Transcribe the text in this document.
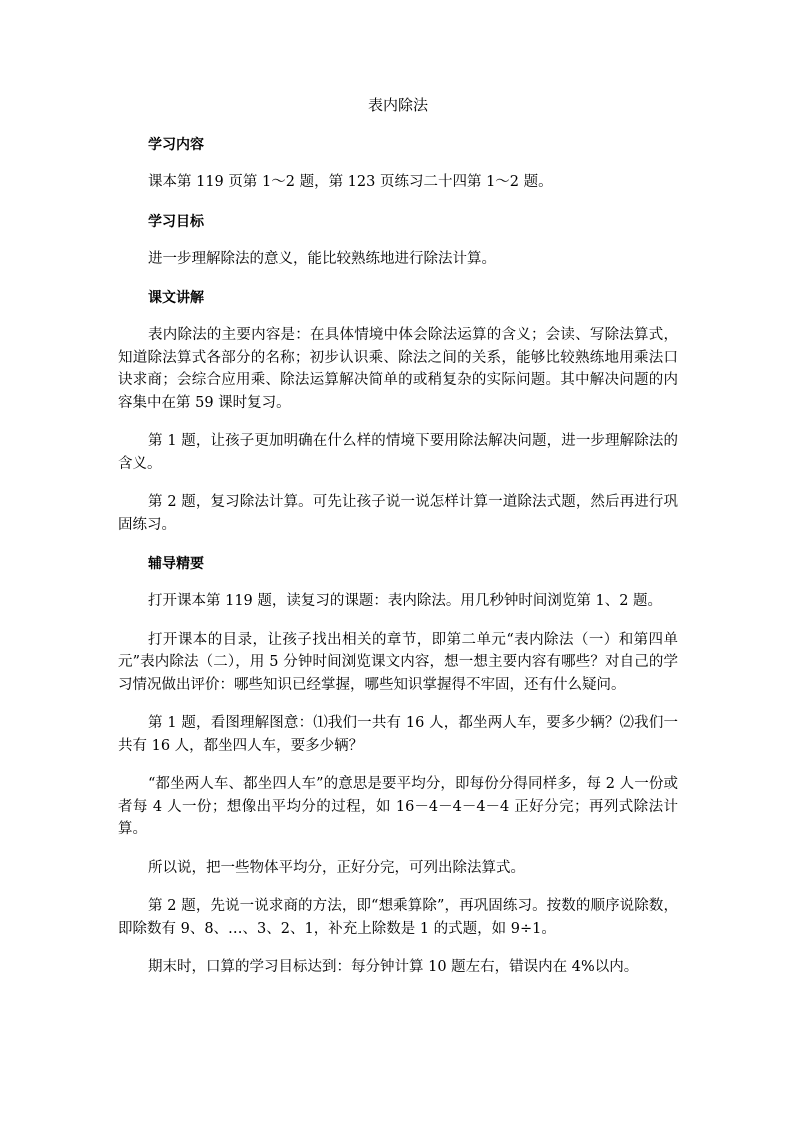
表内除法
学习内容

课本第 119 页第 1～2 题，第 123 页练习二十四第 1～2 题。

学习目标

进一步理解除法的意义，能比较熟练地进行除法计算。

课文讲解

表内除法的主要内容是：在具体情境中体会除法运算的含义；会读、写除法算式，知道除法算式各部分的名称；初步认识乘、除法之间的关系，能够比较熟练地用乘法口诀求商；会综合应用乘、除法运算解决简单的或稍复杂的实际问题。其中解决问题的内容集中在第 59 课时复习。

第 1 题，让孩子更加明确在什么样的情境下要用除法解决问题，进一步理解除法的含义。

第 2 题，复习除法计算。可先让孩子说一说怎样计算一道除法式题，然后再进行巩固练习。

辅导精要

打开课本第 119 题，读复习的课题：表内除法。用几秒钟时间浏览第 1、2 题。

打开课本的目录，让孩子找出相关的章节，即第二单元“表内除法（一）和第四单元”表内除法（二），用 5 分钟时间浏览课文内容，想一想主要内容有哪些？对自己的学习情况做出评价：哪些知识已经掌握，哪些知识掌握得不牢固，还有什么疑问。

第 1 题，看图理解图意：⑴我们一共有 16 人，都坐两人车，要多少辆？⑵我们一共有 16 人，都坐四人车，要多少辆？

“都坐两人车、都坐四人车”的意思是要平均分，即每份分得同样多，每 2 人一份或者每 4 人一份；想像出平均分的过程，如 16－4－4－4－4 正好分完；再列式除法计算。

所以说，把一些物体平均分，正好分完，可列出除法算式。

第 2 题，先说一说求商的方法，即“想乘算除”，再巩固练习。按数的顺序说除数，即除数有 9、8、…、3、2、1，补充上除数是 1 的式题，如 9÷1。

期末时，口算的学习目标达到：每分钟计算 10 题左右，错误内在 4%以内。
